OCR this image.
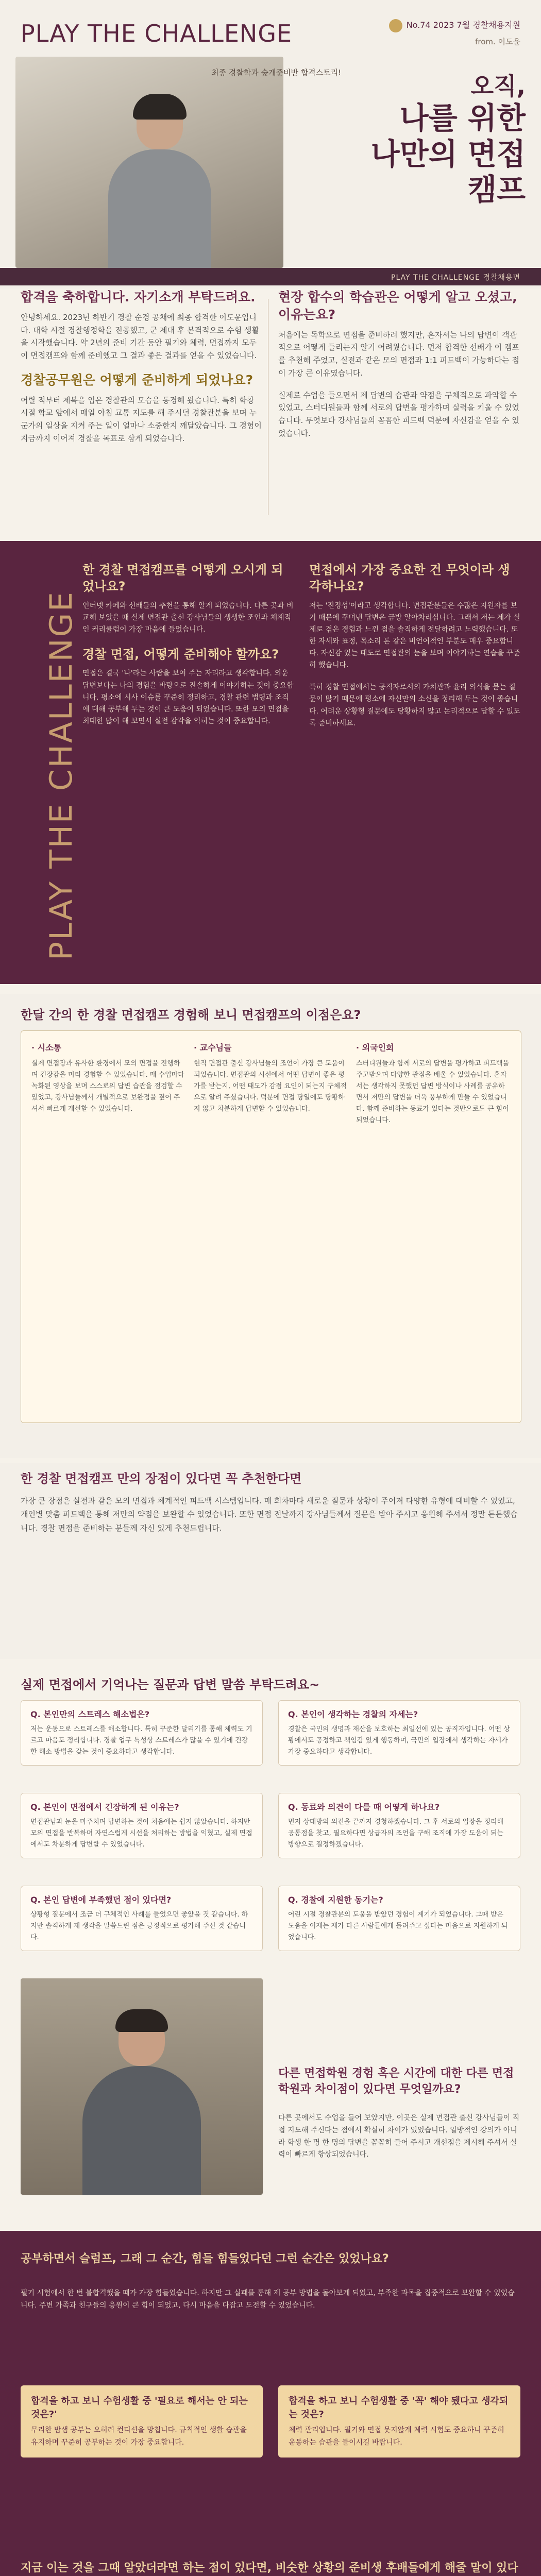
PLAY THE CHALLENGE	No.74 2023 7월 경찰채용지원
from. 이도윤
최종 경찰학과 숲개준비반 합격스토리!	오직,
나를 위한
나만의 면접캠프
PLAY THE CHALLENGE 경찰채용면

합격을 축하합니다. 자기소개 부탁드려요.

안녕하세요. 2023년 하반기 경찰 순경 공채에 최종 합격한 이도윤입니다. 대학 시절 경찰행정학을 전공했고, 군 제대 후 본격적으로 수험 생활을 시작했습니다. 약 2년의 준비 기간 동안 필기와 체력, 면접까지 모두 이 면접캠프와 함께 준비했고 그 결과 좋은 결과를 얻을 수 있었습니다.

경찰공무원은 어떻게 준비하게 되었나요?

어릴 적부터 제복을 입은 경찰관의 모습을 동경해 왔습니다. 특히 학창 시절 학교 앞에서 매일 아침 교통 지도를 해 주시던 경찰관분을 보며 누군가의 일상을 지켜 주는 일이 얼마나 소중한지 깨달았습니다. 그 경험이 지금까지 이어져 경찰을 목표로 삼게 되었습니다.

현장 합수의 학습관은 어떻게 알고 오셨고, 이유는요?

처음에는 독학으로 면접을 준비하려 했지만, 혼자서는 나의 답변이 객관적으로 어떻게 들리는지 알기 어려웠습니다. 먼저 합격한 선배가 이 캠프를 추천해 주었고, 실전과 같은 모의 면접과 1:1 피드백이 가능하다는 점이 가장 큰 이유였습니다.

실제로 수업을 들으면서 제 답변의 습관과 약점을 구체적으로 파악할 수 있었고, 스터디원들과 함께 서로의 답변을 평가하며 실력을 키울 수 있었습니다. 무엇보다 강사님들의 꼼꼼한 피드백 덕분에 자신감을 얻을 수 있었습니다.

PLAY THE CHALLENGE

한 경찰 면접캠프를 어떻게 오시게 되었나요?

인터넷 카페와 선배들의 추천을 통해 알게 되었습니다. 다른 곳과 비교해 보았을 때 실제 면접관 출신 강사님들의 생생한 조언과 체계적인 커리큘럼이 가장 마음에 들었습니다.

경찰 면접, 어떻게 준비해야 할까요?

면접은 결국 '나'라는 사람을 보여 주는 자리라고 생각합니다. 외운 답변보다는 나의 경험을 바탕으로 진솔하게 이야기하는 것이 중요합니다. 평소에 시사 이슈를 꾸준히 정리하고, 경찰 관련 법령과 조직에 대해 공부해 두는 것이 큰 도움이 되었습니다. 또한 모의 면접을 최대한 많이 해 보면서 실전 감각을 익히는 것이 중요합니다.

면접에서 가장 중요한 건 무엇이라 생각하나요?

저는 '진정성'이라고 생각합니다. 면접관분들은 수많은 지원자를 보기 때문에 꾸며낸 답변은 금방 알아차리십니다. 그래서 저는 제가 실제로 겪은 경험과 느낀 점을 솔직하게 전달하려고 노력했습니다. 또한 자세와 표정, 목소리 톤 같은 비언어적인 부분도 매우 중요합니다. 자신감 있는 태도로 면접관의 눈을 보며 이야기하는 연습을 꾸준히 했습니다.

특히 경찰 면접에서는 공직자로서의 가치관과 윤리 의식을 묻는 질문이 많기 때문에 평소에 자신만의 소신을 정리해 두는 것이 좋습니다. 어려운 상황형 질문에도 당황하지 않고 논리적으로 답할 수 있도록 준비하세요.

한달 간의 한 경찰 면접캠프 경험해 보니 면접캠프의 이점은요?

· 시소통

실제 면접장과 유사한 환경에서 모의 면접을 진행하며 긴장감을 미리 경험할 수 있었습니다. 매 수업마다 녹화된 영상을 보며 스스로의 답변 습관을 점검할 수 있었고, 강사님들께서 개별적으로 보완점을 짚어 주셔서 빠르게 개선할 수 있었습니다.

· 교수님들

현직 면접관 출신 강사님들의 조언이 가장 큰 도움이 되었습니다. 면접관의 시선에서 어떤 답변이 좋은 평가를 받는지, 어떤 태도가 감점 요인이 되는지 구체적으로 알려 주셨습니다. 덕분에 면접 당일에도 당황하지 않고 차분하게 답변할 수 있었습니다.

· 외국인회

스터디원들과 함께 서로의 답변을 평가하고 피드백을 주고받으며 다양한 관점을 배울 수 있었습니다. 혼자서는 생각하지 못했던 답변 방식이나 사례를 공유하면서 저만의 답변을 더욱 풍부하게 만들 수 있었습니다. 함께 준비하는 동료가 있다는 것만으로도 큰 힘이 되었습니다.

한 경찰 면접캠프 만의 장점이 있다면 꼭 추천한다면

가장 큰 장점은 실전과 같은 모의 면접과 체계적인 피드백 시스템입니다. 매 회차마다 새로운 질문과 상황이 주어져 다양한 유형에 대비할 수 있었고, 개인별 맞춤 피드백을 통해 저만의 약점을 보완할 수 있었습니다. 또한 면접 전날까지 강사님들께서 질문을 받아 주시고 응원해 주셔서 정말 든든했습니다. 경찰 면접을 준비하는 분들께 자신 있게 추천드립니다.

실제 면접에서 기억나는 질문과 답변 말씀 부탁드려요~

Q. 본인만의 스트레스 해소법은?

저는 운동으로 스트레스를 해소합니다. 특히 꾸준한 달리기를 통해 체력도 기르고 마음도 정리합니다. 경찰 업무 특성상 스트레스가 많을 수 있기에 건강한 해소 방법을 갖는 것이 중요하다고 생각합니다.

Q. 본인이 면접에서 긴장하게 된 이유는?

면접관님과 눈을 마주치며 답변하는 것이 처음에는 쉽지 않았습니다. 하지만 모의 면접을 반복하며 자연스럽게 시선을 처리하는 방법을 익혔고, 실제 면접에서도 차분하게 답변할 수 있었습니다.

Q. 본인 답변에 부족했던 점이 있다면?

상황형 질문에서 조금 더 구체적인 사례를 들었으면 좋았을 것 같습니다. 하지만 솔직하게 제 생각을 말씀드린 점은 긍정적으로 평가해 주신 것 같습니다.

Q. 본인이 생각하는 경찰의 자세는?

경찰은 국민의 생명과 재산을 보호하는 최일선에 있는 공직자입니다. 어떤 상황에서도 공정하고 책임감 있게 행동하며, 국민의 입장에서 생각하는 자세가 가장 중요하다고 생각합니다.

Q. 동료와 의견이 다를 때 어떻게 하나요?

먼저 상대방의 의견을 끝까지 경청하겠습니다. 그 후 서로의 입장을 정리해 공통점을 찾고, 필요하다면 상급자의 조언을 구해 조직에 가장 도움이 되는 방향으로 결정하겠습니다.

Q. 경찰에 지원한 동기는?

어린 시절 경찰관분의 도움을 받았던 경험이 계기가 되었습니다. 그때 받은 도움을 이제는 제가 다른 사람들에게 돌려주고 싶다는 마음으로 지원하게 되었습니다.

다른 면접학원 경험 혹은 시간에 대한 다른 면접학원과 차이점이 있다면 무엇일까요?

다른 곳에서도 수업을 들어 보았지만, 이곳은 실제 면접관 출신 강사님들이 직접 지도해 주신다는 점에서 확실히 차이가 있었습니다. 일방적인 강의가 아니라 학생 한 명 한 명의 답변을 꼼꼼히 들어 주시고 개선점을 제시해 주셔서 실력이 빠르게 향상되었습니다.

공부하면서 슬럼프, 그래 그 순간, 힘들 힘들었다던 그런 순간은 있었나요?

필기 시험에서 한 번 불합격했을 때가 가장 힘들었습니다. 하지만 그 실패를 통해 제 공부 방법을 돌아보게 되었고, 부족한 과목을 집중적으로 보완할 수 있었습니다. 주변 가족과 친구들의 응원이 큰 힘이 되었고, 다시 마음을 다잡고 도전할 수 있었습니다.

합격을 하고 보니 수험생활 중 '필요로 해서는 안 되는 것은?'

무리한 밤샘 공부는 오히려 컨디션을 망칩니다. 규칙적인 생활 습관을 유지하며 꾸준히 공부하는 것이 가장 중요합니다.

합격을 하고 보니 수험생활 중 '꼭' 해야 됐다고 생각되는 것은?

체력 관리입니다. 필기와 면접 못지않게 체력 시험도 중요하니 꾸준히 운동하는 습관을 들이시길 바랍니다.

지금 이는 것을 그때 알았더라면 하는 점이 있다면, 비슷한 상황의 준비생 후배들에게 해줄 말이 있다
